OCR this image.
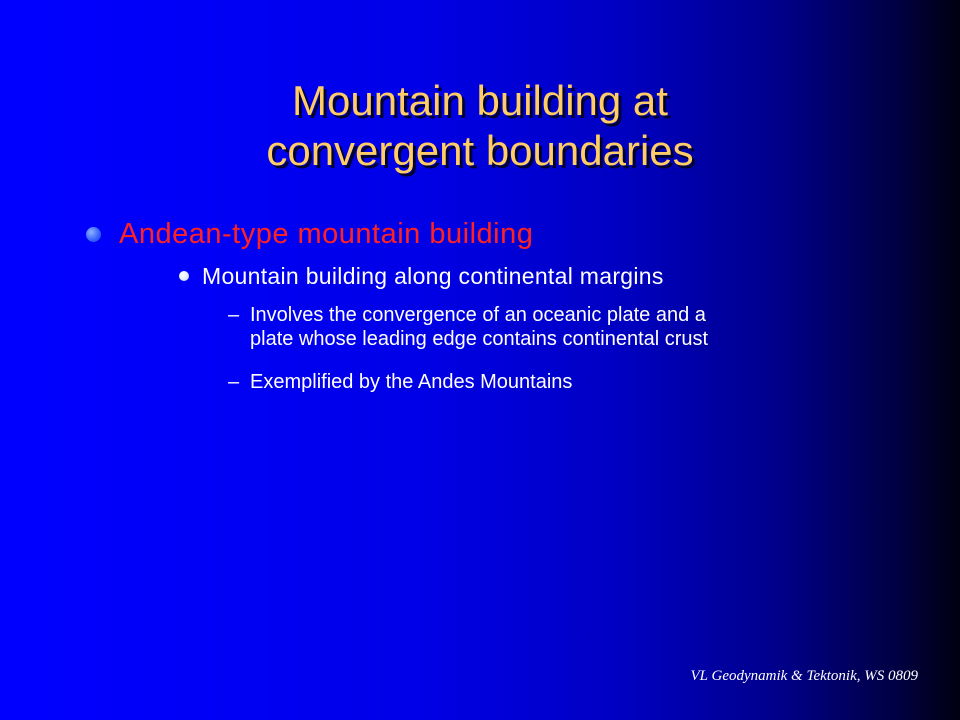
Mountain building at
convergent boundaries
Andean-type mountain building
Mountain building along continental margins
– Involves the convergence of an oceanic plate and a
plate whose leading edge contains continental crust
– Exemplified by the Andes Mountains
VL Geodynamik & Tektonik, WS 0809
